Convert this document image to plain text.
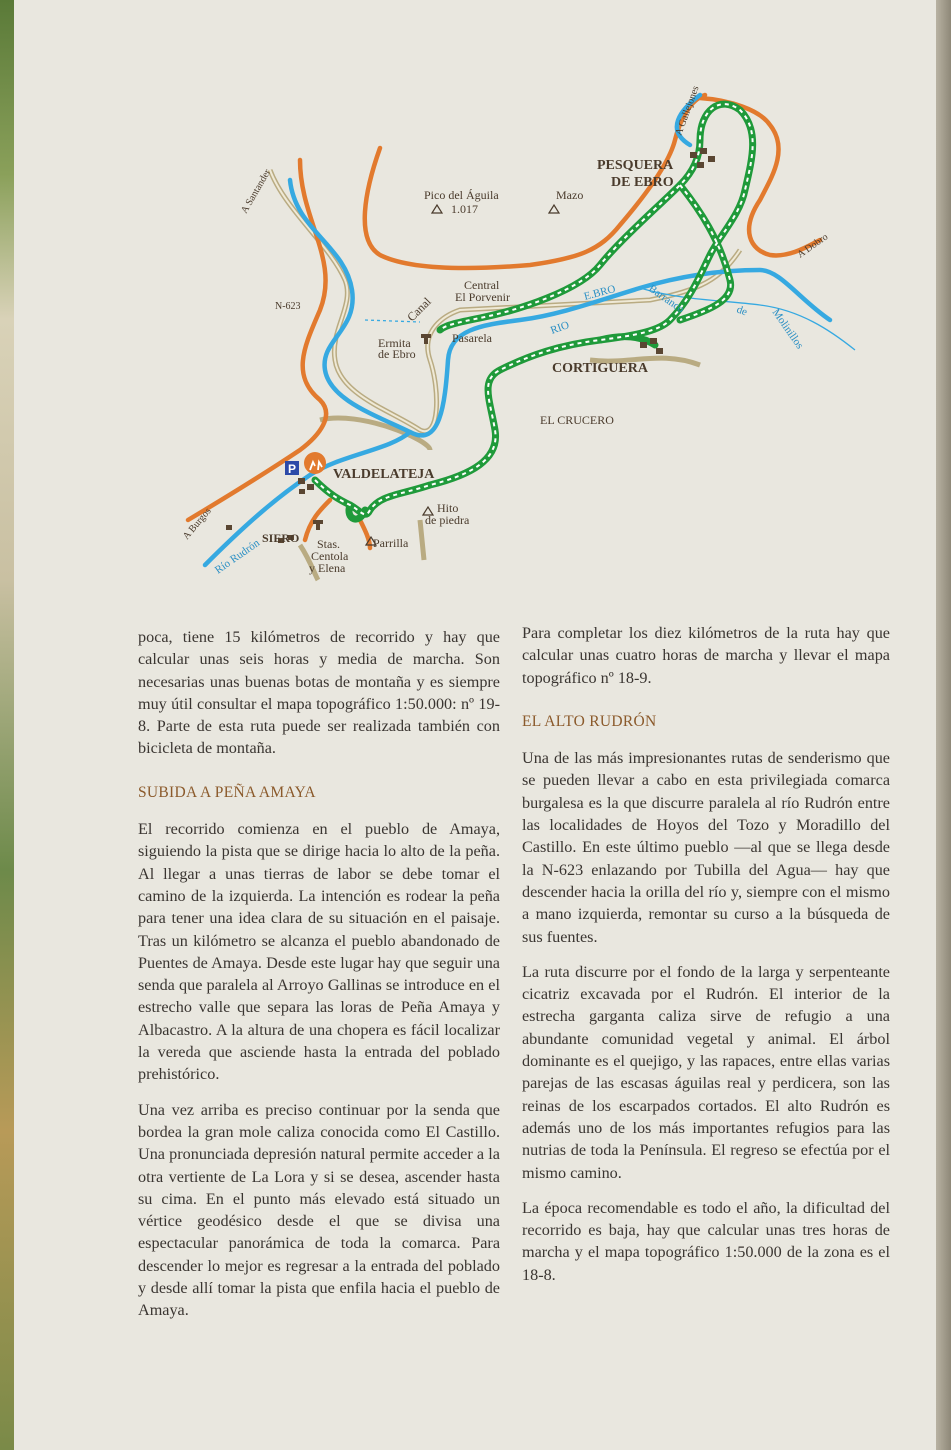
P
PESQUERA
DE EBRO
CORTIGUERA
VALDELATEJA
SIERO
EL CRUCERO
Pico del Águila
1.017
Mazo
Hito
de piedra
Parrilla
Central
El Porvenir
Canal
Pasarela
Ermita
de Ebro
Stas.
Centola
y Elena
A Santander
A Burgos
A Dobro
A Gallejones
N-623
RIO
E.BRO	Barranco	de Molinillos
Río Rudrón

poca, tiene 15 kilómetros de recorrido y hay que calcular unas seis horas y media de marcha. Son necesarias unas buenas botas de montaña y es siempre muy útil consultar el mapa topográfico 1:50.000: nº 19-8. Parte de esta ruta puede ser realizada también con bicicleta de montaña.

SUBIDA A PEÑA AMAYA

El recorrido comienza en el pueblo de Amaya, siguiendo la pista que se dirige hacia lo alto de la peña. Al llegar a unas tierras de labor se debe tomar el camino de la izquierda. La intención es rodear la peña para tener una idea clara de su situación en el paisaje. Tras un kilómetro se alcanza el pueblo abandonado de Puentes de Amaya. Desde este lugar hay que seguir una senda que paralela al Arroyo Gallinas se introduce en el estrecho valle que separa las loras de Peña Amaya y Albacastro. A la altura de una chopera es fácil localizar la vereda que asciende hasta la entrada del poblado prehistórico.

Una vez arriba es preciso continuar por la senda que bordea la gran mole caliza conocida como El Castillo. Una pronunciada depresión natural permite acceder a la otra vertiente de La Lora y si se desea, ascender hasta su cima. En el punto más elevado está situado un vértice geodésico desde el que se divisa una espectacular panorámica de toda la comarca. Para descender lo mejor es regresar a la entrada del poblado y desde allí tomar la pista que enfila hacia el pueblo de Amaya.

Para completar los diez kilómetros de la ruta hay que calcular unas cuatro horas de marcha y llevar el mapa topográfico nº 18-9.

EL ALTO RUDRÓN

Una de las más impresionantes rutas de senderismo que se pueden llevar a cabo en esta privilegiada comarca burgalesa es la que discurre paralela al río Rudrón entre las localidades de Hoyos del Tozo y Moradillo del Castillo. En este último pueblo —al que se llega desde la N-623 enlazando por Tubilla del Agua— hay que descender hacia la orilla del río y, siempre con el mismo a mano izquierda, remontar su curso a la búsqueda de sus fuentes.

La ruta discurre por el fondo de la larga y serpenteante cicatriz excavada por el Rudrón. El interior de la estrecha garganta caliza sirve de refugio a una abundante comunidad vegetal y animal. El árbol dominante es el quejigo, y las rapaces, entre ellas varias parejas de las escasas águilas real y perdicera, son las reinas de los escarpados cortados. El alto Rudrón es además uno de los más importantes refugios para las nutrias de toda la Península. El regreso se efectúa por el mismo camino.

La época recomendable es todo el año, la dificultad del recorrido es baja, hay que calcular unas tres horas de marcha y el mapa topográfico 1:50.000 de la zona es el 18-8.
